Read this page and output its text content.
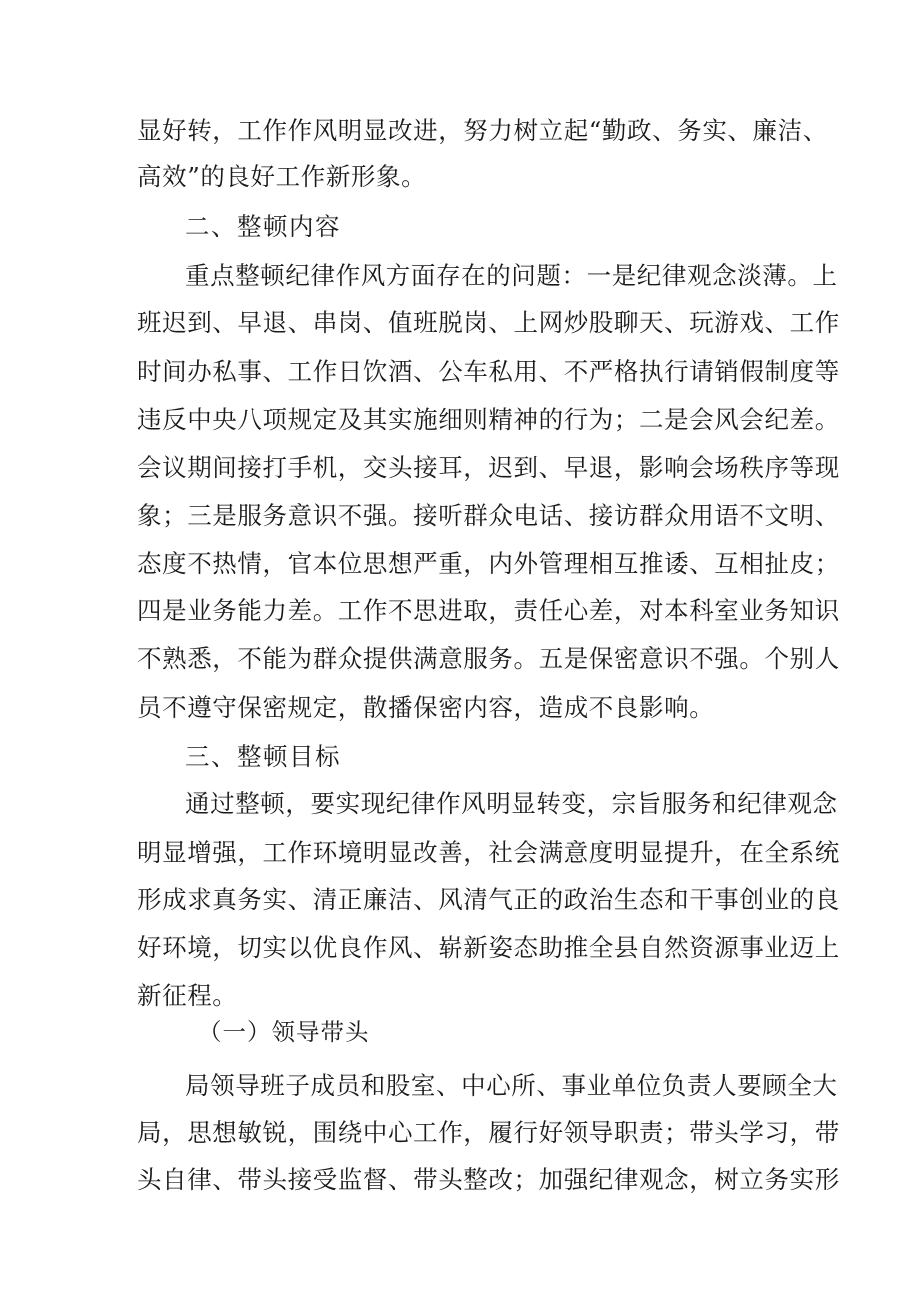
显好转，工作作风明显改进，努力树立起“勤政、务实、廉洁、
高效”的良好工作新形象。
二、整顿内容
重点整顿纪律作风方面存在的问题：一是纪律观念淡薄。上
班迟到、早退、串岗、值班脱岗、上网炒股聊天、玩游戏、工作
时间办私事、工作日饮酒、公车私用、不严格执行请销假制度等
违反中央八项规定及其实施细则精神的行为；二是会风会纪差。
会议期间接打手机，交头接耳，迟到、早退，影响会场秩序等现
象；三是服务意识不强。接听群众电话、接访群众用语不文明、
态度不热情，官本位思想严重，内外管理相互推诿、互相扯皮；
四是业务能力差。工作不思进取，责任心差，对本科室业务知识
不熟悉，不能为群众提供满意服务。五是保密意识不强。个别人
员不遵守保密规定，散播保密内容，造成不良影响。
三、整顿目标
通过整顿，要实现纪律作风明显转变，宗旨服务和纪律观念
明显增强，工作环境明显改善，社会满意度明显提升，在全系统
形成求真务实、清正廉洁、风清气正的政治生态和干事创业的良
好环境，切实以优良作风、崭新姿态助推全县自然资源事业迈上
新征程。
（一）领导带头
局领导班子成员和股室、中心所、事业单位负责人要顾全大
局，思想敏锐，围绕中心工作，履行好领导职责；带头学习，带
头自律、带头接受监督、带头整改；加强纪律观念，树立务实形
